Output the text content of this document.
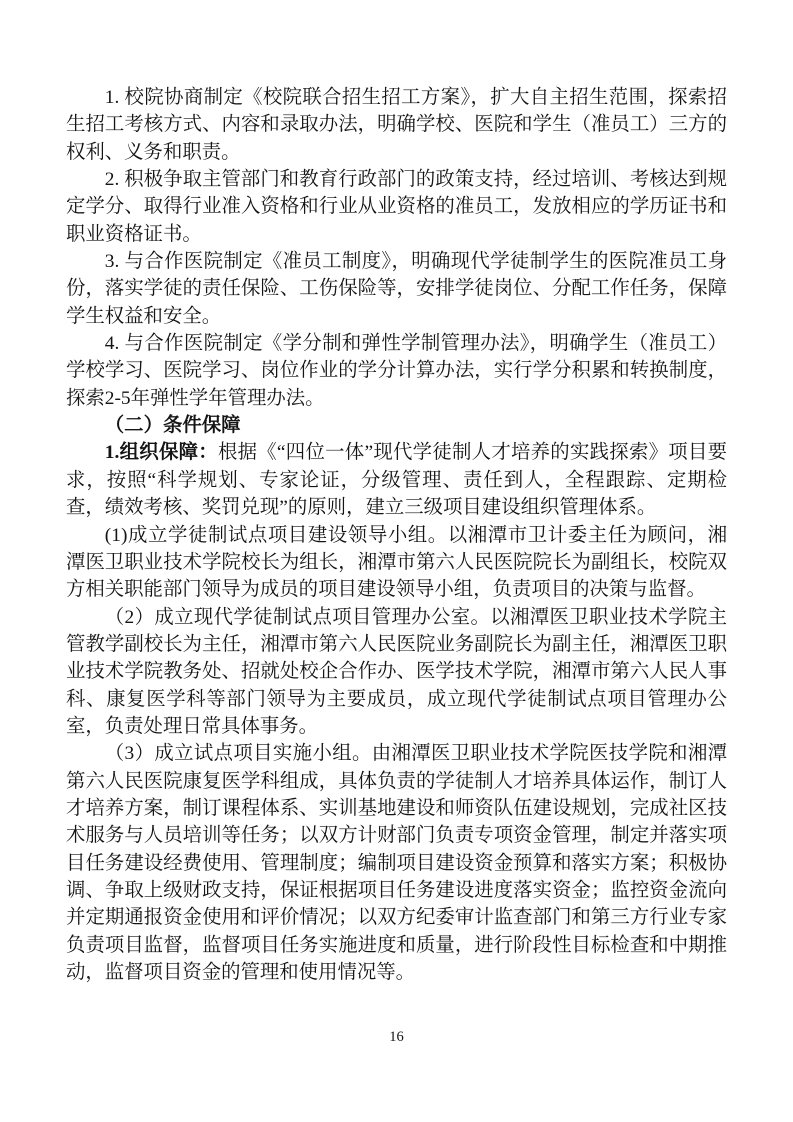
1. 校院协商制定《校院联合招生招工方案》，扩大自主招生范围，探索招生招工考核方式、内容和录取办法，明确学校、医院和学生（准员工）三方的权利、义务和职责。

2. 积极争取主管部门和教育行政部门的政策支持，经过培训、考核达到规定学分、取得行业准入资格和行业从业资格的准员工，发放相应的学历证书和职业资格证书。

3. 与合作医院制定《准员工制度》，明确现代学徒制学生的医院准员工身份，落实学徒的责任保险、工伤保险等，安排学徒岗位、分配工作任务，保障学生权益和安全。

4. 与合作医院制定《学分制和弹性学制管理办法》，明确学生（准员工）学校学习、医院学习、岗位作业的学分计算办法，实行学分积累和转换制度，探索2-5年弹性学年管理办法。

（二）条件保障

1.组织保障：根据《“四位一体”现代学徒制人才培养的实践探索》项目要求，按照“科学规划、专家论证，分级管理、责任到人，全程跟踪、定期检查，绩效考核、奖罚兑现”的原则，建立三级项目建设组织管理体系。

(1)成立学徒制试点项目建设领导小组。以湘潭市卫计委主任为顾问，湘潭医卫职业技术学院校长为组长，湘潭市第六人民医院院长为副组长，校院双方相关职能部门领导为成员的项目建设领导小组，负责项目的决策与监督。

（2）成立现代学徒制试点项目管理办公室。以湘潭医卫职业技术学院主管教学副校长为主任，湘潭市第六人民医院业务副院长为副主任，湘潭医卫职业技术学院教务处、招就处校企合作办、医学技术学院，湘潭市第六人民人事科、康复医学科等部门领导为主要成员，成立现代学徒制试点项目管理办公室，负责处理日常具体事务。

（3）成立试点项目实施小组。由湘潭医卫职业技术学院医技学院和湘潭第六人民医院康复医学科组成，具体负责的学徒制人才培养具体运作，制订人才培养方案，制订课程体系、实训基地建设和师资队伍建设规划，完成社区技术服务与人员培训等任务；以双方计财部门负责专项资金管理，制定并落实项目任务建设经费使用、管理制度；编制项目建设资金预算和落实方案；积极协调、争取上级财政支持，保证根据项目任务建设进度落实资金；监控资金流向并定期通报资金使用和评价情况；以双方纪委审计监查部门和第三方行业专家负责项目监督，监督项目任务实施进度和质量，进行阶段性目标检查和中期推动，监督项目资金的管理和使用情况等。

16
